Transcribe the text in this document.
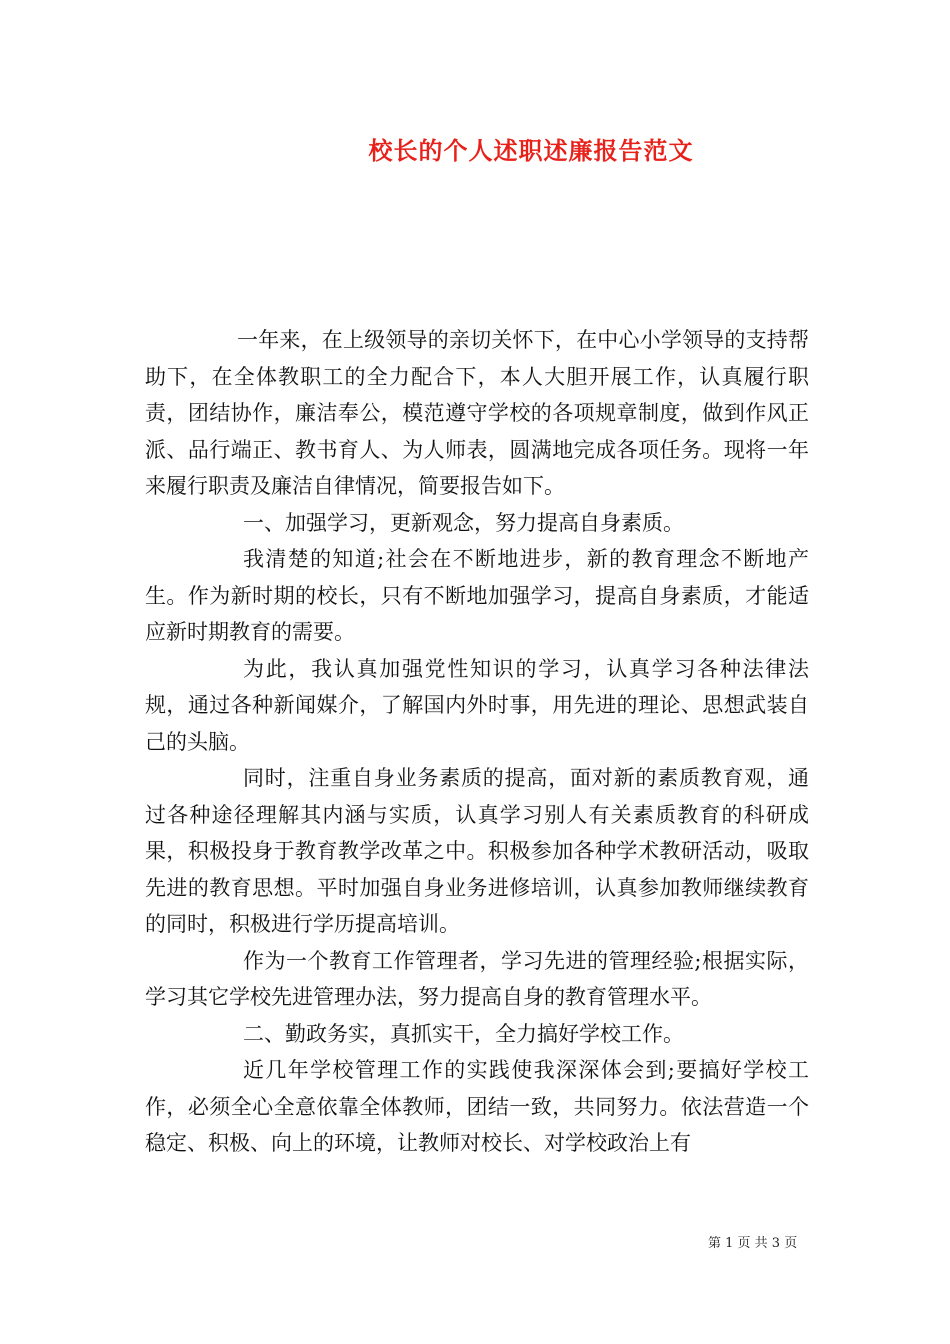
校长的个人述职述廉报告范文

一年来，在上级领导的亲切关怀下，在中心小学领导的支持帮助下，在全体教职工的全力配合下，本人大胆开展工作，认真履行职责，团结协作，廉洁奉公，模范遵守学校的各项规章制度，做到作风正派、品行端正、教书育人、为人师表，圆满地完成各项任务。现将一年来履行职责及廉洁自律情况，简要报告如下。

一、加强学习，更新观念，努力提高自身素质。

我清楚的知道;社会在不断地进步，新的教育理念不断地产生。作为新时期的校长，只有不断地加强学习，提高自身素质，才能适应新时期教育的需要。

为此，我认真加强党性知识的学习，认真学习各种法律法规，通过各种新闻媒介，了解国内外时事，用先进的理论、思想武装自己的头脑。

同时，注重自身业务素质的提高，面对新的素质教育观，通过各种途径理解其内涵与实质，认真学习别人有关素质教育的科研成果，积极投身于教育教学改革之中。积极参加各种学术教研活动，吸取先进的教育思想。平时加强自身业务进修培训，认真参加教师继续教育的同时，积极进行学历提高培训。

作为一个教育工作管理者，学习先进的管理经验;根据实际，学习其它学校先进管理办法，努力提高自身的教育管理水平。

二、勤政务实，真抓实干，全力搞好学校工作。

近几年学校管理工作的实践使我深深体会到;要搞好学校工作，必须全心全意依靠全体教师，团结一致，共同努力。依法营造一个稳定、积极、向上的环境，让教师对校长、对学校政治上有

第 1 页 共 3 页
